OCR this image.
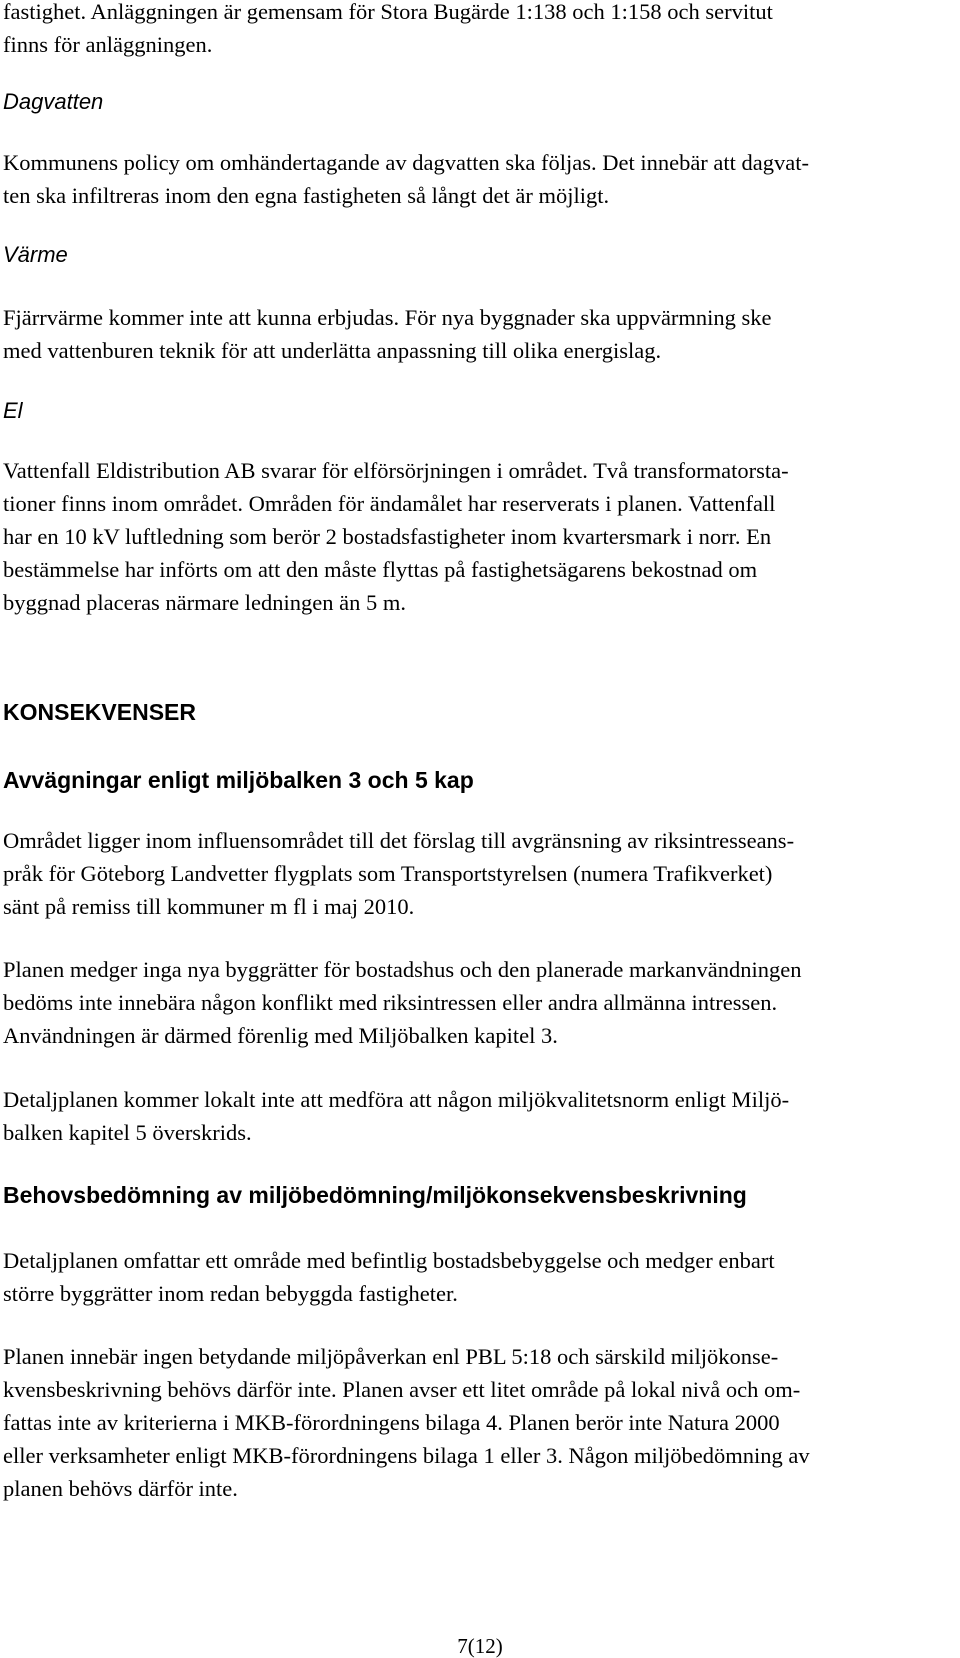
fastighet. Anläggningen är gemensam för Stora Bugärde 1:138 och 1:158 och servitut
finns för anläggningen.

Dagvatten

Kommunens policy om omhändertagande av dagvatten ska följas. Det innebär att dagvat-
ten ska infiltreras inom den egna fastigheten så långt det är möjligt.

Värme

Fjärrvärme kommer inte att kunna erbjudas. För nya byggnader ska uppvärmning ske
med vattenburen teknik för att underlätta anpassning till olika energislag.

El

Vattenfall Eldistribution AB svarar för elförsörjningen i området. Två transformatorsta-
tioner finns inom området. Områden för ändamålet har reserverats i planen. Vattenfall
har en 10 kV luftledning som berör 2 bostadsfastigheter inom kvartersmark i norr. En
bestämmelse har införts om att den måste flyttas på fastighetsägarens bekostnad om
byggnad placeras närmare ledningen än 5 m.

KONSEKVENSER
Avvägningar enligt miljöbalken 3 och 5 kap

Området ligger inom influensområdet till det förslag till avgränsning av riksintresseans-
pråk för Göteborg Landvetter flygplats som Transportstyrelsen (numera Trafikverket)
sänt på remiss till kommuner m fl i maj 2010.

Planen medger inga nya byggrätter för bostadshus och den planerade markanvändningen
bedöms inte innebära någon konflikt med riksintressen eller andra allmänna intressen.
Användningen är därmed förenlig med Miljöbalken kapitel 3.

Detaljplanen kommer lokalt inte att medföra att någon miljökvalitetsnorm enligt Miljö-
balken kapitel 5 överskrids.

Behovsbedömning av miljöbedömning/miljökonsekvensbeskrivning

Detaljplanen omfattar ett område med befintlig bostadsbebyggelse och medger enbart
större byggrätter inom redan bebyggda fastigheter.

Planen innebär ingen betydande miljöpåverkan enl PBL 5:18 och särskild miljökonse-
kvensbeskrivning behövs därför inte. Planen avser ett litet område på lokal nivå och om-
fattas inte av kriterierna i MKB-förordningens bilaga 4. Planen berör inte Natura 2000
eller verksamheter enligt MKB-förordningens bilaga 1 eller 3. Någon miljöbedömning av
planen behövs därför inte.

7(12)
